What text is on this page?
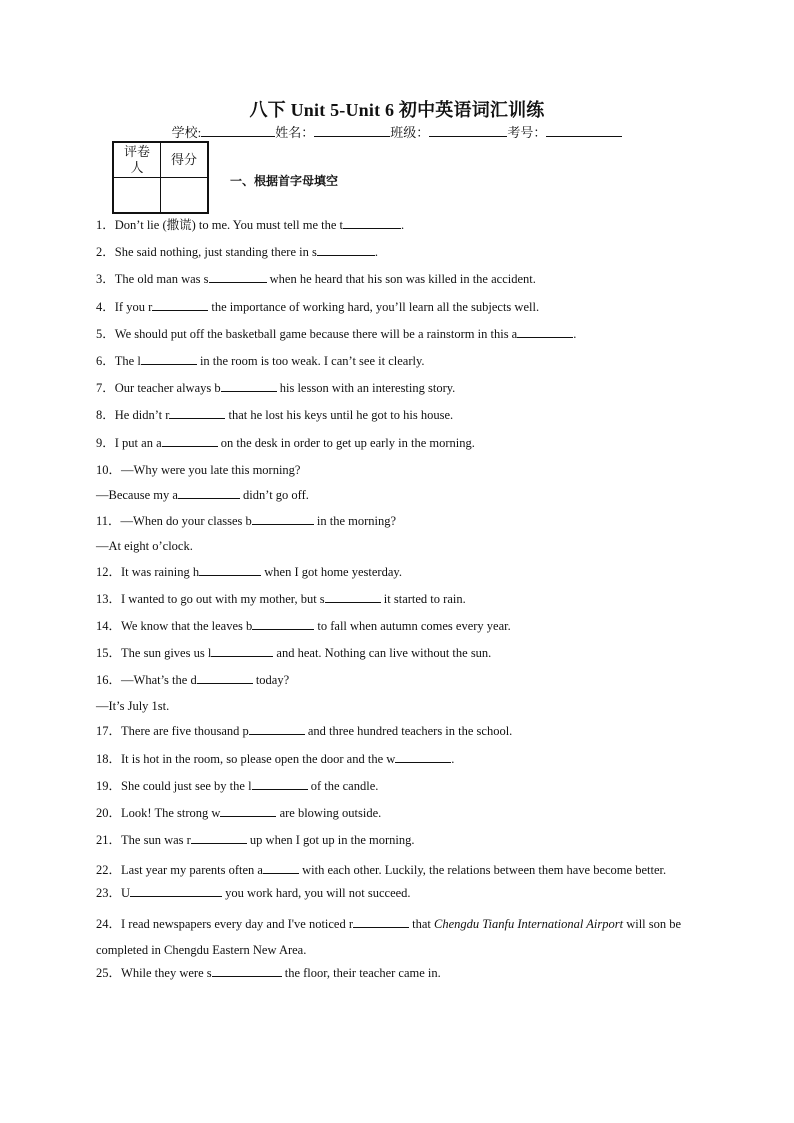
八下 Unit 5-Unit 6 初中英语词汇训练
学校:	姓名：	班级：	考号：
评卷人	得分

一、根据首字母填空
1．Don’t lie (撒谎) to me. You must tell me the t	.
2．She said nothing, just standing there in s	.
3．The old man was s	when he heard that his son was killed in the accident.
4．If you r	the importance of working hard, you’ll learn all the subjects well.
5．We should put off the basketball game because there will be a rainstorm in this a	.
6．The l	in the room is too weak. I can’t see it clearly.
7．Our teacher always b	his lesson with an interesting story.
8．He didn’t r	that he lost his keys until he got to his house.
9．I put an a	on the desk in order to get up early in the morning.
10．—Why were you late this morning?
—Because my a	didn’t go off.
11．—When do your classes b	in the morning?
—At eight o’clock.
12．It was raining h	when I got home yesterday.
13．I wanted to go out with my mother, but s	it started to rain.
14．We know that the leaves b	to fall when autumn comes every year.
15．The sun gives us l	and heat. Nothing can live without the sun.
16．—What’s the d	today?
—It’s July 1st.
17．There are five thousand p	and three hundred teachers in the school.
18．It is hot in the room, so please open the door and the w	.
19．She could just see by the l	of the candle.
20．Look! The strong w	are blowing outside.
21．The sun was r	up when I got up in the morning.
22．Last year my parents often a	with each other. Luckily, the relations between them have become better.
23．U	you work hard, you will not succeed.
24．I read newspapers every day and I've noticed r	that Chengdu Tianfu International Airport will son be completed in Chengdu Eastern New Area.
25．While they were s	the floor, their teacher came in.
